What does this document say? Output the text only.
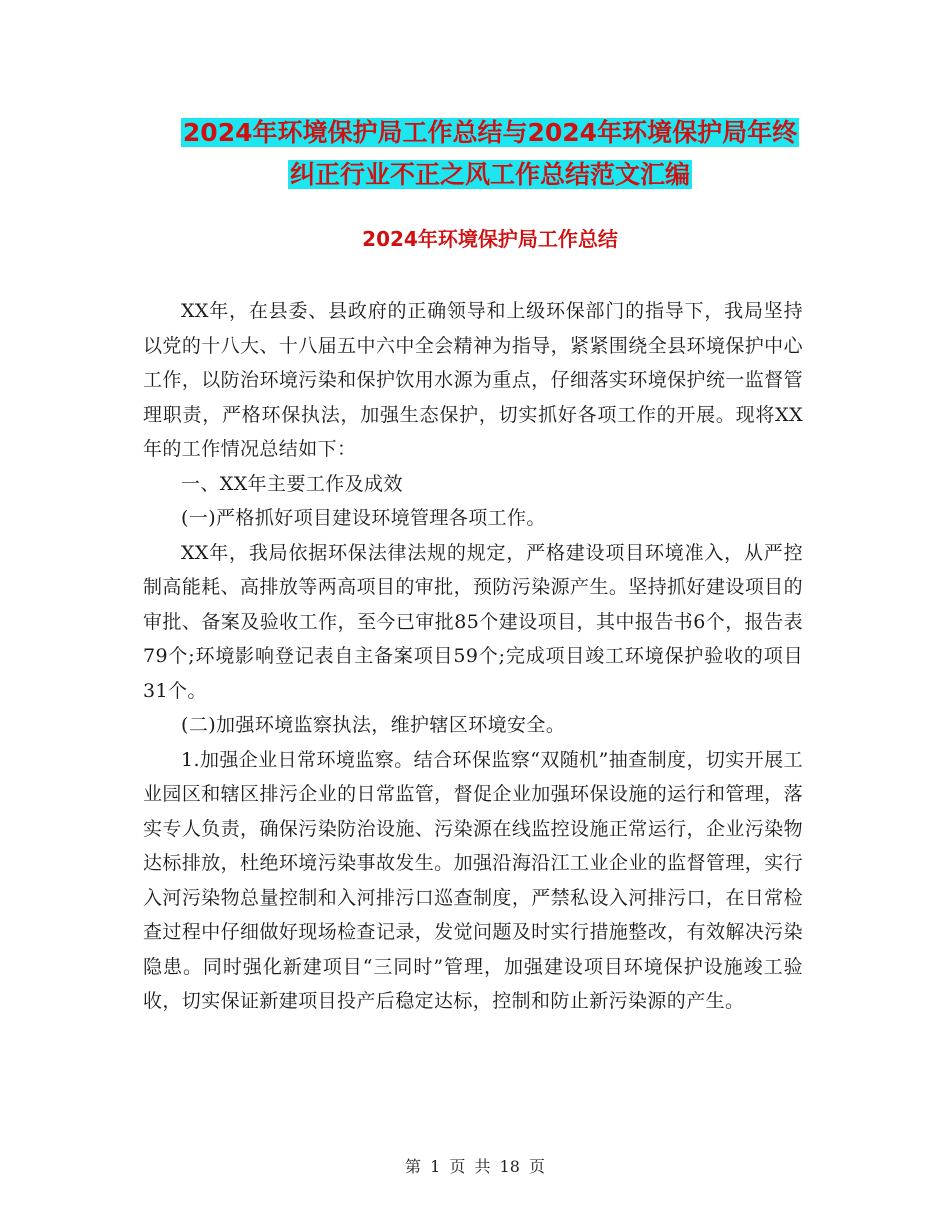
2024年环境保护局工作总结与2024年环境保护局年终
纠正行业不正之风工作总结范文汇编
2024年环境保护局工作总结

XX年，在县委、县政府的正确领导和上级环保部门的指导下，我局坚持以党的十八大、十八届五中六中全会精神为指导，紧紧围绕全县环境保护中心工作，以防治环境污染和保护饮用水源为重点，仔细落实环境保护统一监督管理职责，严格环保执法，加强生态保护，切实抓好各项工作的开展。现将XX年的工作情况总结如下：

一、XX年主要工作及成效

(一)严格抓好项目建设环境管理各项工作。

XX年，我局依据环保法律法规的规定，严格建设项目环境准入，从严控制高能耗、高排放等两高项目的审批，预防污染源产生。坚持抓好建设项目的审批、备案及验收工作，至今已审批85个建设项目，其中报告书6个，报告表79个;环境影响登记表自主备案项目59个;完成项目竣工环境保护验收的项目31个。

(二)加强环境监察执法，维护辖区环境安全。

1.加强企业日常环境监察。结合环保监察“双随机”抽查制度，切实开展工业园区和辖区排污企业的日常监管，督促企业加强环保设施的运行和管理，落实专人负责，确保污染防治设施、污染源在线监控设施正常运行，企业污染物达标排放，杜绝环境污染事故发生。加强沿海沿江工业企业的监督管理，实行入河污染物总量控制和入河排污口巡查制度，严禁私设入河排污口，在日常检查过程中仔细做好现场检查记录，发觉问题及时实行措施整改，有效解决污染隐患。同时强化新建项目“三同时”管理，加强建设项目环境保护设施竣工验收，切实保证新建项目投产后稳定达标，控制和防止新污染源的产生。

第 1 页 共 18 页
